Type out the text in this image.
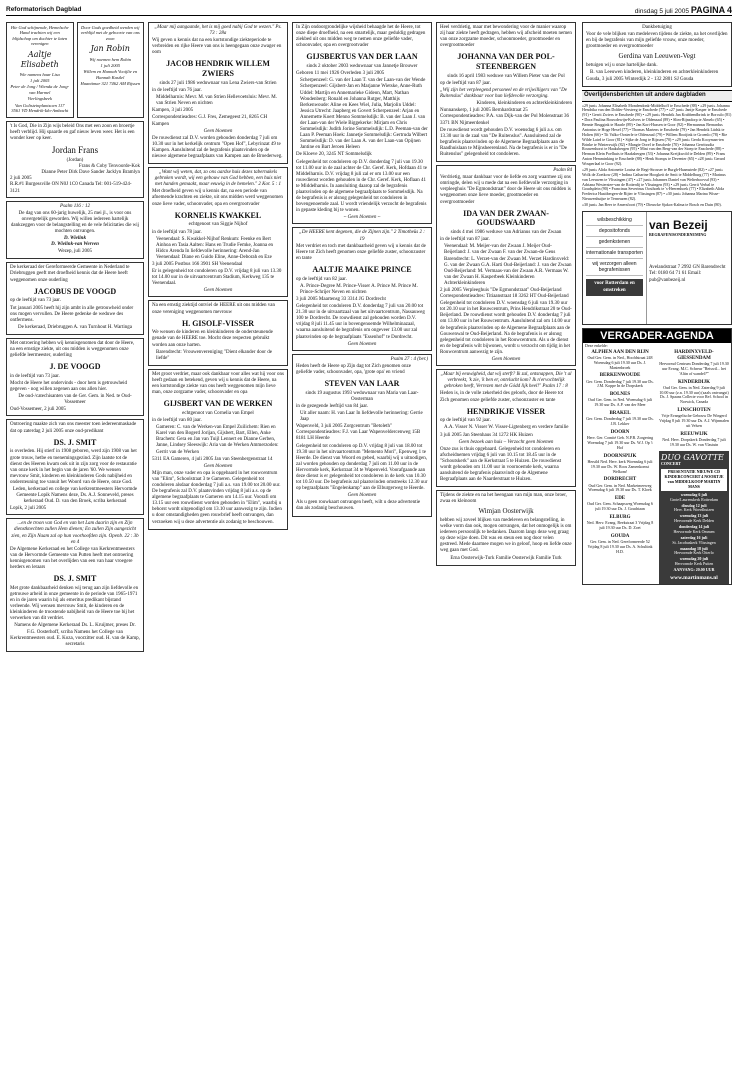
Reformatorisch Dagblad	dinsdag 5 juli 2005 PAGINA 4
Hie God schijnende, Hemelsche Hand trachten wij een blijdschap om dochter te laten verenigen
Aaltje Elisabeth
Wie namens haar Lisa
1 juli 2005
Peter de Jong / Wienda de Jong-van Harmel
Vierlingsbeek
Van Goltsteinplantsoen 117 3561 VD Hendrik-Ido-Ambacht
Door Gods goedheid werden wij verblijd met de geboorte van ons zoon
Jan Robin
Wij noemen hem Robin
1 juli 2005
Willem en Hannah Vooijlie en Hannah Kastlel
Haantimar 321 7462 AM Rijssen
't Is God, Die in Zijn wijs beleid Ons met een zoon en broertje heeft verblijd. Hij spaarde en gaf nieuw leven weer. Het is een wonder keer op keer.
Jordan Frans
(Jordan)
Frans & Coby Tenvoorde-Kok
Dianne Peter Dirk Dave Sander Jacklyn Bramlyn
2 juli 2005
R.R.#1 Burgessville ON N0J 1C0 Canada Tel: 001-519-424-3121
Psalm 116 : 12
De dag van ons 60-jarig huwelijk, 25 mei jl., is voor ons onvergetelijk geworden. Wij willen iedereen hartelijk dankzeggen voor de belangstelling en de vele felicitaties die wij mochten ontvangen.
D. Wielink
D. Wielink-van Werven
Wezep, juli 2005
De kerkeraad der Gereformeerde Gemeente in Nederland te Driebruggen geeft met droefheid kennis dat de Heere heeft weggenomen onze ouderling
JACOBUS DE VOOGD
op de leeftijd van 73 jaar.
Tot januari 2005 heeft hij zijn ambt in alle getrouwheid onder ons mogen vervullen. De Heere gedenke de weduwe des ontfermens.
De kerkeraad, Driebruggen A. van Turnhout H. Wartinga
Met ontroering hebben wij kennisgenomen dat door de Heere, na een ernstige ziekte, uit ons midden is weggenomen onze geliefde leermeester, ouderling
J. DE VOOGD
in de leeftijd van 73 jaar.
Mocht de Heere het ondervinds - door hem is getrouwheid gegeven - nog willen zegenen aan ons allen hier.
De oud-/catechisanten van de Ger. Gem. in Ned. te Oud-Vossemeer
Oud-Vossemeer, 2 juli 2005
Ontroering maakte zich van ons meester toen iedereenmaskade dat op zaterdag 2 juli 2005 onze oud-predikant
DS. J. SMIT
is overleden. Hij stierf in 1908 geboren, werd zijn 1908 van het grote trouw, hetbe en toenemingsgezind. Zijn laatste tot de dienst des Heeren kwam ook uit in zijn zorg voor de restauratie van onze kerk in het begin van de jaren '60. We wensen mevrouw Smit, kinderen en kleinkinderen Gods nabijheid en ondersteuning toe vanuit het Woord van de Heere, onze God.
Leden, kerkeraad en college van kerkrentmeesters Hervormde Gemeente Lopik Namens deze, Ds. A.J. Sonneveld, preses kerkeraad Oud. D. van den Broek, scriba kerkeraad
Lopik, 2 juli 2005
...en de troon van God en van het Lam daarin zijn en Zijn dienstknechten zullen Hem dienen; En zullen Zijn aangezicht zien, en Zijn Naam zal op hun voorhoofden zijn. Openb. 22 : 3b en 4
De Algemene Kerkeraad en het College van Kerkrentmeesters van de Hervormde Gemeente van Putten heeft met ontroering kennisgenomen van het overlijden van een van haar vroegere herders en leraars
DS. J. SMIT
Met grote dankbaarheid denken wij terug aan zijn liefdevolle en getrouwe arbeid in onze gemeente in de periode van 1965-1971 en in de jaren waarin hij als emeritus predikant bijstand verleende. Wij wensen mevrouw Smit, de kinderen en de kleinkinderen de troostende nabijheid van de Heere toe bij het verwerken van dit verdriet.
Namens de Algemene Kerkeraad Ds. L. Kruijmer, preses Dr. F.G. Oosterhoff, scriba Namens het College van Kerkrentmeesters oud. E. Koza, voorzitter oud. H. van de Kamp, secretaris
„Maar mij aangaande, het is mij goed nabij God te wezen." Ps. 73 : 28a
Wij geven u kennis dat na een kortstondige ziekteperiode te verbreiden en rijke Heere van ons is heengegaan onze zwager en oom
JACOB HENDRIK WILLEM ZWIERS
sinds 27 juli 1986 weduwnaar van Lena Zwiers-van Strien
in de leeftijd van 76 jaar.
Middelharnis: Mevr. M. van Strien Hellevoetsluis: Mevr. M. van Strien Neven en nichten
Kampen, 3 juli 2005
Correspondentieadres: G.J. Fres, Zemegeest 21, 8265 CH Kampen
Geen bloemen
De rouwdienst zal D.V. worden gehouden donderdag 7 juli om 10.30 uur in het kerkelijk centrum "Open Hof", Lebyrinzat 49 te Kampen. Aansluitend zal de begrafenis plaatsvinden op de nieuwe algemene begraafplaats van Kampen aan de Broederweg.
„Want wij weten, dat, zo ons aardse huis dezes tabernakels gebroken wordt, wij een gebouw van God hebben, een huis niet met handen gemaakt, maar eeuwig in de hemelen." 2 Kor. 5 : 1
Met droefheid geven wij u kennis dat, na een periode van afnemende krachten en ziekte, uit ons midden werd weggenomen onze lieve vader, schoonvader, opa en overgrootvader
KORNELIS KWAKKEL
echtgenoot van Siggie Nijhof
in de leeftijd van 78 jaar.
Veenendaal: S. Kwakkel-Nijhof Renkum: Feenke en Bert Ainhoa en Tasia Aalten: Hans en Trudie Femke, Joanna en Hidco Arenda In liefdevolle herinnering: Arend-Jan Veenendaal: Diane en Guido Eline, Anne-Deborah en Eze
3 juli 2005 Postbus 166 3901 SH Veenendaal
Er is gelegenheid tot condoleren op D.V. vrijdag 8 juli van 13.30 tot 14.00 uur in de uitvaartcentrum Stadium, Kerkweg 135 te Veenendaal.
Geen bloemen
Na een ernstig ziektijd ontviel de HEERE uit ons midden van onze vereniging weggenomen mevrouw
H. GISOLF-VISSER
We wensen de kinderen en kleinkinderen de ondersteunende genade van de HEERE toe. Mocht deze respecten gebruikt worden aan onze harten.
Barendrecht: Vrouwenvereniging "Dient elkander door de liefde"
Met groot verdriet, maar ook dankbaar voor alles wat hij voor ons heeft gedaan en betekend, geven wij u kennis dat de Heere, na een kortstondige ziekte van ons heeft weggenomen mijn lieve man, onze zorgzame vader, schoonvader en opa
GIJSBERT VAN DE WERKEN
echtgenoot van Cornelia van Empel
in de leeftijd van 80 jaar.
Gameren: C. van de Werken-van Empel Zuilichem: Rien en Karel van den Bogerd Jorijan, Gijsbert, Bart, Ellen, Anke Brachem: Gera en Jan van Tuijl Lennert en Dianne Gerben, Janne, Lindsey Sleeswijk: Aria van de Werken Ammerzoden: Gerrit van de Werken
5311 EA Gameren, 4 juli 2005 Jan van Steenbergenstraat 14
Geen bloemen
Mijn man, onze vader en opa is opgebaard in het rouwcentrum van "Elim", Schoolstraat 3 te Gameren. Gelegenheid tot condoleren alsdaar donderdag 7 juli a.s. van 19.00 tot 20.00 uur. De begrafenis zal D.V. plaatsvinden vrijdag 8 juli a.s. op de algemene begraafplaats te Gameren om 14.15 uur. Voorafi om 13.15 uur een rouwdienst worden gehouden in "Elim", waarbij u behorst wordt uitgenodigd om 13.10 uur aanwezig te zijn. Indien u door omstandigheden geen rouwbrief heeft ontvangen, dan verzoeken wij u deze advertentie als zodanig te beschouwen.
In Zijn ondoorgrondelijke wijsheid behaagde het de Heere, tot onze diepe droefheid, na een smartelijk, maar geduldig gedragen ziekbed uit ons midden weg te nemen onze geliefde vader, schoonvader, opa en overgrootvader
GIJSBERTUS VAN DER LAAN
sinds 2 oktober 2003 weduwnaar van Jannetje Brouwer
Geboren 11 mei 1926 Overleden 3 juli 2005
Scherpenzeel: G. van der Laan T. van der Laan-van der Wende Scherpenzeel: Gijsbert-Jan en Marjanne Wietske, Anne-Ruth Uddel: Martijn en Annemarieke Gideon, Mart, Nathan Woudenberg: Ronald en Johanna Rutger, Matthijs Berkenwoude: Aline en Kees Wiel, Julia, Marjolin Uddel: Jessica Utrecht: Jaapberg en Govert Scherpenzeel: Arjan en Annemette Koert Menno Sommelsdijk: B. van der Laan J. van der Laan-van der Wiele Biggekerke: Mirjam en Chris Sommelsdijk: Judith Jorine Sommelsdijk: L.D. Peeman-van der Laan P. Peeman Hoek: Jannetje Sommelsdijk: Gertruda Wilbert Sommelsdijk: D. van der Laan A. van der Laan-van Opijnen Jantine en Bart Jeroen Heleen
De Kloeve 20, 3245 NT Sommelsdijk
Gelegenheid tot condoleren op D.V. donderdag 7 juli van 19.30 tot 11.00 uur in de zaal achter de Chr. Geref. Kerk, Hofdaan 41 te Middelharnis. D.V. vrijdag 8 juli zal er om 13.00 uur een rouwdienst worden gehouden in de Chr. Geref. Kerk, Hoflaan 41 te Middelharnis. In aansluiting daarop zal de begrafenis plaatsvinden op de algemene begraafplaats te Sommelsdijk. Na de begrafenis is er alsnog gelegenheid tot condoleren in bovengenoemde zaal. U wordt vriendelijk verzocht de begrafenis in gepaste kleding bij te wonen.
~ Geen bloemen ~
„De HEERE kent degenen, die de Zijnen zijn." 2 Timotheüs 2 : 19
Met verdriet en toch met dankbaarheid geven wij u kennis dat de Heere tot Zich heeft genomen onze geliefde zuster, schoonzuster en tante
AALTJE MAAIKE PRINCE
op de leeftijd van 82 jaar.
A. Prince-Degree M. Prince-Visser A. Prince M. Prince M. Prince-Schrijer Neven en nichten
3 juli 2005 Maartensg 33 3314 JG Dordrecht
Gelegenheid tot condoleren D.V. donderdag 7 juli van 20.00 tot 21.30 uur in de uitvaartzaal van het uitvaartcentrum, Nassauweg 100 te Dordrecht. De rouwdienst zal gehouden worden D.V. vrijdag 8 juli 11.45 uur in bovengenoemde Wilhelminazaal, waarna aansluitend de begrafenis om ongeveer 13.00 uur zal plaatsvinden op de begraafplaats "Essenhof" te Dordrecht.
Geen bloemen
Psalm 27 : 4 (ber.)
Heden heeft de Heere op Zijn dag tot Zich genomen onze geliefde vader, schoonvader, opa, 'grote opa' en vriend
STEVEN VAN LAAR
sinds 19 augustus 1993 weduwnaar van Maria van Laar-Oosterman
in de gezegende leeftijd van 84 jaar.
Uit aller naam: H. van Laar In liefdevolle herinnering: Gerrie Jaap
Wapenveld, 3 juli 2005 Zorgcentrum "Betoleth" Correspondentieadres: F.J. van Laar Wapenveldercenweg 15B 8181 LH Heerde
Gelegenheid tot condoleren op D.V. vrijdag 8 juli van 18.00 tot 19.30 uur in het uitvaartcentrum "Memento Mori", Epenweg 1 te Heerde. De dienst van Woord en gebed, waarbij wij u uitnodigen, zal worden gehouden op donderdag 7 juli om 11.00 uur in de Hervormde kerk, Kerkstraat 34 te Wapenveld. Voorafgaande aan deze dienst is er gelegenheid tot condoleren in de kerk van 10.30 tot 10.50 uur. De begrafenis zal plaatsvinden omstreeks 12.30 uur op begraafplaats "Engelenkamp" aan de Elburgerweg te Heerde.
Geen bloemen
Als u geen rouwkaart ontvangen heeft, wilt u deze advertentie dan als zodanig beschouwen.
Heel verdrietig, maar met bewondering voor de manier waarop zij haar ziekte heeft gedragen, hebben wij afscheid moeten nemen van onze zorgzame moeder, schoonmoeder, grootmoeder en overgrootmoeder
JOHANNA VAN DER POL-STEENBERGEN
sinds 16 april 1983 weduwe van Willem Pieter van der Pol
op de leeftijd van 87 jaar.
„Wij zijn het verpleegend personeel en de vrijwilligers van "De Ruitenslus" dankbaar voor hun liefdevolle verzorging.
Kinderen, kleinkinderen en achterkleinkinderen
Nunnanskerp, 1 juli 2005 Bernhardstraat 25 Correspondentieadres: P.A. van Dijk-van der Pol Molenstraat 36 3371 BN Nijmeerdenkel
De rouwdienst wordt gehouden D.V. woensdag 6 juli a.s. om 13.30 uur in de zaal van "De Ruitenslus". Aansluitend zal de begrafenis plaatsvinden op de Algemene Begraafplaats aan de Raadhuislaan te Mijnsheerenland. Na de begrafenis is er in "De Ruitenslus" gelegenheid tot condoleren.
Psalm 84
Verdrietig, maar dankbaar voor de liefde en zorg waarmee zij ons omringde, delen wij u mede dat na een liefdevolle verzorging in verpleeghuis "De Egmondstraat" door de Heere uit ons midden is weggenomen onze lieve moeder, grootmoeder en overgrootmoeder
IDA VAN DER ZWAAN-GOUDSWAARD
sinds 4 mei 1986 weduwe van Adrianus van der Zwaan
in de leeftijd van 87 jaar.
Veenendaal: M. Meijer-van der Zwaan J. Meijer Oud-Beijerland: J. van der Zwaan F. van der Zwaan-de Geus Barendrecht: L. Verzet-van der Zwaan M. Verzet Hardinxveld: G. van der Zwaan G.A. Harti Oud-Beijerland: J. van der Zwaan Oud-Beijerland: M. Vermaas-van der Zwaan A.R. Vermaas W. van der Zwaan H. Kasperbeek Kleinkinderen Achterkleinkinderen
2 juli 2005 Verpleeghuis "De Egmondstraat" Oud-Beijerland Correspondentieadres: Titiaanstraat 18 3262 HT Oud-Beijerland
Gelegenheid tot condoleren D.V. woensdag 6 juli van 19.30 uur tot 20.10 uur in het Rouwcentrum, Prins Hendrikstraat 20 te Oud-Beijerland. De rouwdienst wordt gehouden D.V. donderdag 7 juli om 13.00 uur in het Rouwcentrum. Aansluitend zal om 14.00 uur de begrafenis plaatsvinden op de Algemene Begraafplaats aan de Gouwenwal te Oud-Beijerland. Na de begrafenis is er alsnog gelegenheid tot condoleren in het Rouwcentrum. Als u de dienst en de begrafenis wilt bijwonen, wordt u verzocht om tijdig in het Rouwcentrum aanwezig te zijn.
Geen bloemen
„Maar bij eeuwigheid, dat wij sterft? Ik zal, ontsnappen, Die 't al verbreekt, 'k zie, 'k ben er, ontvlucht kom? Ik n'ervochtelijk gebroken heeft, Verrezen met de Gódd lijk heel!" Psalm 17 : 8
Heden is, in de volle zekerheid des geloofs, door de Heere tot Zich genomen onze geliefde zuster, schoonzuster en tante
HENDRIKJE VISSER
op de leeftijd van 92 jaar.
A.A. Visser N. Visser W. Visser-Ligtenberg en verdere familie
3 juli 2005 Jan Steenhaus 34 1272 HK Huizen
Geen bezoek aan huis – Verzocht geen bloemen
Onze zus is thuis opgebaard. Gelegenheid tot condoleren en afscheidnemen vrijdag 6 juli van 10.15 tot 18.45 uur in de "Schoutskerk" aan de Kerkstraat 5 te Huizen. De rouwdienst wordt gehouden om 11.00 uur in voornoemde kerk, waarna aansluitend de begrafenis plaatsvindt op de Algemene Begraafplaats aan de Naarderstraat te Huizen.
Tijdens de ziekte en na het heengaan van mijn man, onze broer, zwaa en kleinoom
Wimjan Oosterwijk
hebben wij zoveel blijken van medeleven en belangstelling, in welke vorm dan ook, mogen ontvangen, dat het onmogelijk is om iedereen persoonlijk te bedanken. Daarom langs deze weg graag op deze wijze doen. Dit was en steun een nog door velen gestreed. Mede daarmee mogen we in geloof, hoop en liefde onze weg gaan met God.
Erna Oosterwijk-Turk Familie Oosterwijk Familie Turk
Dankbetuiging
Voor de vele blijken van medeleven tijdens de ziekte, na het overlijden en bij de begrafenis van mijn geliefde vrouw, onze moeder, grootmoeder en overgrootmoeder
Gerdina van Leeuwen-Vegt
betuigen wij u onze hartelijke dank.
B. van Leeuwen kinderen, kleinkinderen en achterkleinkinderen
Gouda, 3 juli 2005 Winterdijk 2 - 132 2801 SJ Gouda
Overlijdensberichten uit andere dagbladen
«29 juni» Johanna Elisabeth Mondendonk-Middelhoff te Enschede (88) • «29 juni» Johanna Hendrika van den Dolder-Versteeg te Enschede (77) • «27 juni» Jantje Kasper te Enschede (91) • Gerrit Zwiers te Enschede (90) • «29 juni» Hendrik Jan Krabbendbrink te Borculo (81) • Dora Paulina Bouwdewijn-Kolvers te Oldenzaal (89) • Slim-Rijnsdorp te Almelo (65) • Bennie Bruggink te Haarle (89) • Jan Kort-Hassen te Goor (92) • Hermannus Bernardus Antonius te Hoge Hexel (77) • Thomas Martens te Enschede (79) • Jan Hendrik Lüdsk te Holten (66) • Tit Valko-Oosterle te Oldenzaal (79) • Willem Booijink te Groenlo (78) • Rie Wilde Laird te Goor (81) • Sijke de Jong te Rijssen (70) • «29 juni» Gerda Kooyman-ten Brinke te Winterswijk (82) • Mangie Oorel te Enschede (70) • Johanna Gerritsudia Rouwenhorst te Haaksbergen (95) • Mini van den Berg-van der Stoep te Enschede (88) • Herman Klein Poelhuis te Haaksbergen (53) • Johanna Kreijkwold te Delden (89) • Frans Anton Hemminking te Enschede (88) • Henk Stomps te Deventer (65) • «28 juni» Gerard Wouperlaal te Goor (92).
«29 juni» Alida Antonette Louisa de Regt-Strosser te Burgh-Haamstede (82) • «27 juni» Wolk de Zoetkow (28) • Indina Catharine Hoogkeit de Smit te Middelburg (77) • Marinus van Leeuwen te Vlissingen (47) • «27 juni» Johannes Daniel van Welterhoovsd (93) • Adriana Westerstee-van de Rotterdij te Vlissingen (93) • «29 juni» Gerrit Verbal te Goudsplein (90) • Francinus Severinus Oosthoek te 's-Heerenhoek (77) • Elizabeth Alida Frederica Haaitbergen-de Rijter te Vlissingen (87) • «30 juni» Johanna Marina Wisse-Nieuwenhuijse te Terneuzen (82).
«30 juni» Jan Beer te Amersfoort (79) • Dieuwke Sjakos-Kalma te Bosch en Duin (80).
wilsbeschikking
depositofonds
gedenkstenen
internationale transporten
wij verzorgen alleen begrafenissen
voor Rotterdam en omstreken
van Bezeij
BEGRAFENISONDERNEMING
Avelandstraat 7 2992 GN Barendrecht Tel: 0180 64 71 61 Email: pub@vanbezeij.nl
VERGADER-AGENDA
Deze enkelde:
ALPHEN AAN DEN RIJN
Oud Ger. Gem. in Ned., Hoofdstraat 248 Woensdag 6 juli 19.30 uur Ds. J. Mastenbroek
BERKENWOUDE
Ger. Gem. Donderdag 7 juli 19.30 uur Ds. J.M. Koppe In de Dorpskerk
BOLNES
Oud Ger. Gem. in Ned. Woensdag 6 juli 19.30 uur Ds. A.P. van der Meer
BRAKEL
Ger. Gem. Donderdag 7 juli 19.30 uur Ds. J.B. Lekker
DOORN
Herv. Ger. Comité Geb. N.P.B. Zorgering Woensdag 7 juli 19.30 uur Ds. W.J. Op 't Hof
DOORNSPIJK
Herstld Ned. Herv. kerk Woensdag 6 juli 19.30 uur Ds. W. Roos Zamenkomst Welkom!
DORDRECHT
Oud Ger. Gem. in Ned. Marketmeeweg Woensdag 6 juli 19.30 uur Ds. T. Kloek
EDE
Oud Ger. Gem. Schaapsweg Woensdag 6 juli 19.30 uur Ds. J. Goudriaan
ELBURG
Ned. Herv. Evang. Beekstraat 3 Vrijdag 8 juli 19.30 uur Ds. D. Zoet
GOUDA
Ger. Gem. in Ned. Gereformeerde 52 Vrijdag 8 juli 19.30 uur Ds. A. Schultink H.D.
HARDINXVELD-GIESSENDAM
Hervormd Centrum Donderdag 7 juli 19.30 uur Evang. M.C. Schreur "Reiswil... het 'Altin of wandel?'"
KINDERDIJK
Oud Ger. Gem. in Ned. Zaterdag 9 juli 10.00 uur (z.n. 19.30 uur) (zaals ontvangst) Ds. J. Spaans Collecte voor Ref. School in Norwick, Canada
LINSCHOTEN
Vrije Evangelische Gebouw De Wingerd Vrijdag 8 juli 19.30 uur Ds. A.J. Wijnmalen uit Velsen
REEUWIJK
Ned. Herv. Dorpskerk Donderdag 7 juli 19.30 uur Ds. W. van Vlastuin
DUO GAVOTTE
CONCERT
PRESENTATIE NIEUWE CD KINDERCONCERT 4 NOORTJE van MIDDELKOOP MARTIN MANS
woensdag 6 juli
Grote/Laurenskerk Rotterdam
dinsdag 12 juli
Herv. Kerk Woerdhuizen
woensdag 13 juli
Hervormde Kerk Delden
donderdag 14 juli
Hervormde Kerk Ommen
zaterdag 16 juli
St. Jacobuskerk Vlissingen
maandag 18 juli
Hervormde Kerk Otterlo
woensdag 20 juli
Hervormde Kerk Putten
AANVANG: 20.00 UUR
www.martinmans.nl
